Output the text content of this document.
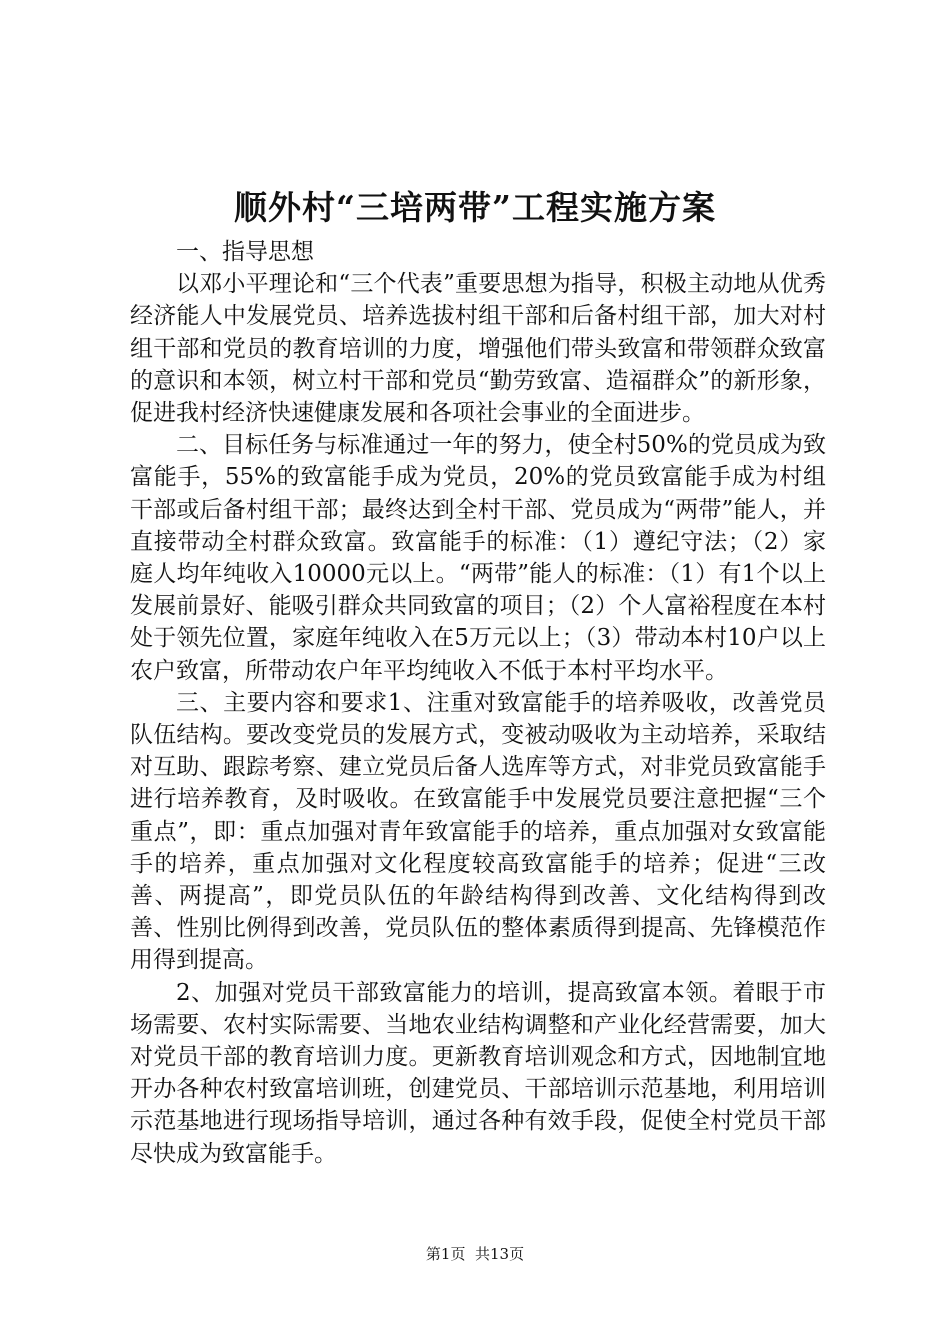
顺外村“三培两带”工程实施方案

一、指导思想

以邓小平理论和“三个代表”重要思想为指导，积极主动地从优秀经济能人中发展党员、培养选拔村组干部和后备村组干部，加大对村组干部和党员的教育培训的力度，增强他们带头致富和带领群众致富的意识和本领，树立村干部和党员“勤劳致富、造福群众”的新形象，促进我村经济快速健康发展和各项社会事业的全面进步。

二、目标任务与标准通过一年的努力，使全村50%的党员成为致富能手，55%的致富能手成为党员，20%的党员致富能手成为村组干部或后备村组干部；最终达到全村干部、党员成为“两带”能人，并直接带动全村群众致富。致富能手的标准：（1）遵纪守法；（2）家庭人均年纯收入10000元以上。“两带”能人的标准：（1）有1个以上发展前景好、能吸引群众共同致富的项目；（2）个人富裕程度在本村处于领先位置，家庭年纯收入在5万元以上；（3）带动本村10户以上农户致富，所带动农户年平均纯收入不低于本村平均水平。

三、主要内容和要求1、注重对致富能手的培养吸收，改善党员队伍结构。要改变党员的发展方式，变被动吸收为主动培养，采取结对互助、跟踪考察、建立党员后备人选库等方式，对非党员致富能手进行培养教育，及时吸收。在致富能手中发展党员要注意把握“三个重点”，即：重点加强对青年致富能手的培养，重点加强对女致富能手的培养，重点加强对文化程度较高致富能手的培养；促进“三改善、两提高”，即党员队伍的年龄结构得到改善、文化结构得到改善、性别比例得到改善，党员队伍的整体素质得到提高、先锋模范作用得到提高。

2、加强对党员干部致富能力的培训，提高致富本领。着眼于市场需要、农村实际需要、当地农业结构调整和产业化经营需要，加大对党员干部的教育培训力度。更新教育培训观念和方式，因地制宜地开办各种农村致富培训班，创建党员、干部培训示范基地，利用培训示范基地进行现场指导培训，通过各种有效手段，促使全村党员干部尽快成为致富能手。

第1页 共13页
